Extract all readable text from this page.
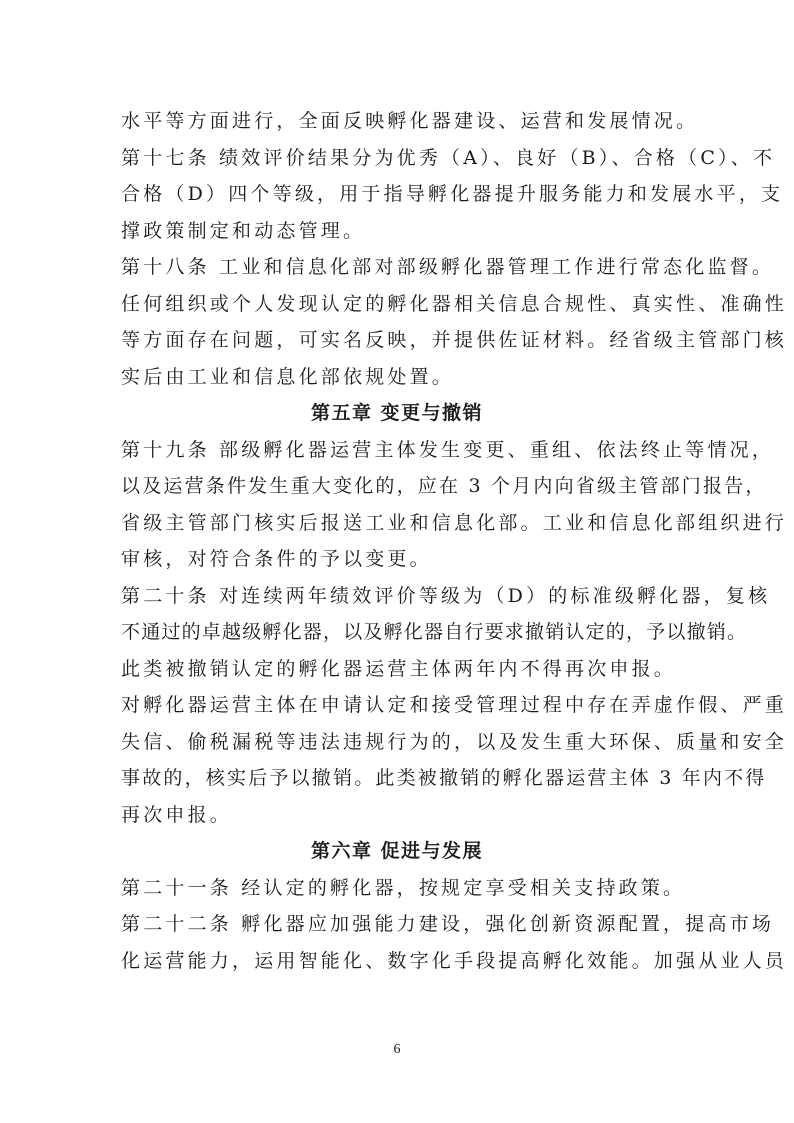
水平等方面进行，全面反映孵化器建设、运营和发展情况。
第十七条 绩效评价结果分为优秀（A）、良好（B）、合格（C）、不
合格（D）四个等级，用于指导孵化器提升服务能力和发展水平，支
撑政策制定和动态管理。
第十八条 工业和信息化部对部级孵化器管理工作进行常态化监督。
任何组织或个人发现认定的孵化器相关信息合规性、真实性、准确性
等方面存在问题，可实名反映，并提供佐证材料。经省级主管部门核
实后由工业和信息化部依规处置。
第五章 变更与撤销
第十九条 部级孵化器运营主体发生变更、重组、依法终止等情况，
以及运营条件发生重大变化的，应在 3 个月内向省级主管部门报告，
省级主管部门核实后报送工业和信息化部。工业和信息化部组织进行
审核，对符合条件的予以变更。
第二十条 对连续两年绩效评价等级为（D）的标准级孵化器，复核
不通过的卓越级孵化器，以及孵化器自行要求撤销认定的，予以撤销。
此类被撤销认定的孵化器运营主体两年内不得再次申报。
对孵化器运营主体在申请认定和接受管理过程中存在弄虚作假、严重
失信、偷税漏税等违法违规行为的，以及发生重大环保、质量和安全
事故的，核实后予以撤销。此类被撤销的孵化器运营主体 3 年内不得
再次申报。
第六章 促进与发展
第二十一条 经认定的孵化器，按规定享受相关支持政策。
第二十二条 孵化器应加强能力建设，强化创新资源配置，提高市场
化运营能力，运用智能化、数字化手段提高孵化效能。加强从业人员
6
